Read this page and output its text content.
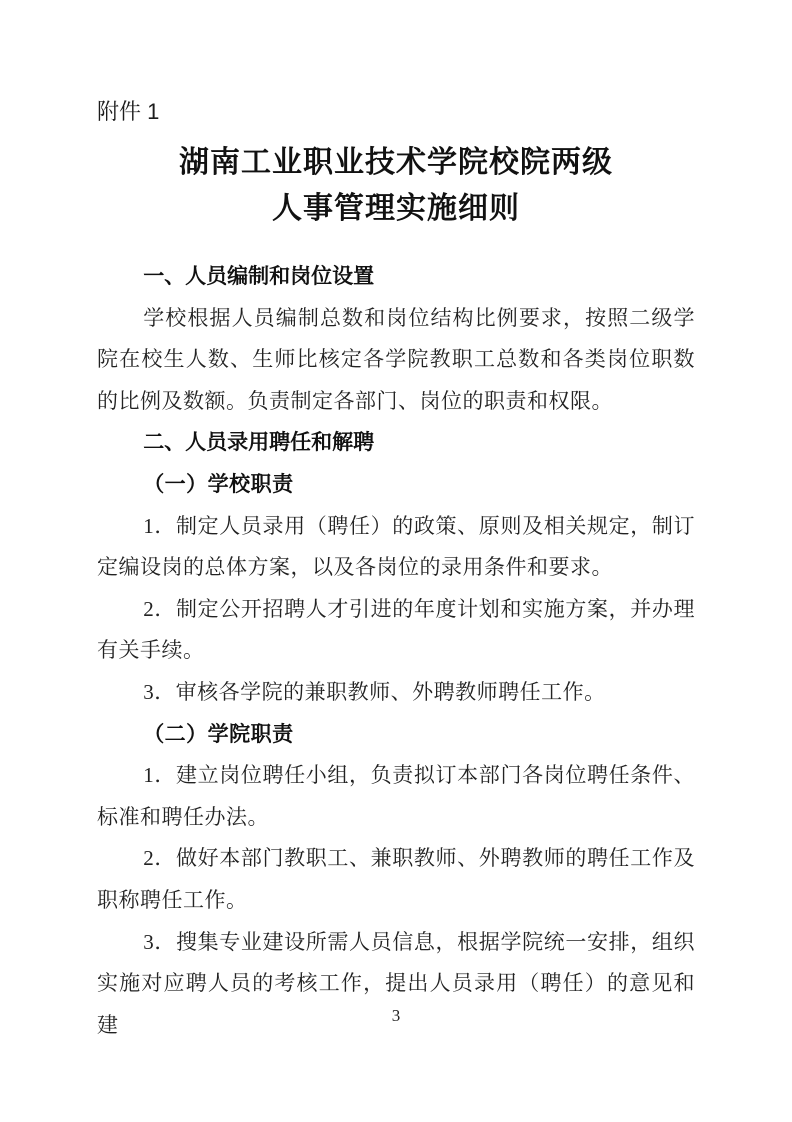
附件 1
湖南工业职业技术学院校院两级
人事管理实施细则

一、人员编制和岗位设置

学校根据人员编制总数和岗位结构比例要求，按照二级学院在校生人数、生师比核定各学院教职工总数和各类岗位职数的比例及数额。负责制定各部门、岗位的职责和权限。

二、人员录用聘任和解聘

（一）学校职责

1．制定人员录用（聘任）的政策、原则及相关规定，制订定编设岗的总体方案，以及各岗位的录用条件和要求。

2．制定公开招聘人才引进的年度计划和实施方案，并办理有关手续。

3．审核各学院的兼职教师、外聘教师聘任工作。

（二）学院职责

1．建立岗位聘任小组，负责拟订本部门各岗位聘任条件、标准和聘任办法。

2．做好本部门教职工、兼职教师、外聘教师的聘任工作及职称聘任工作。

3．搜集专业建设所需人员信息，根据学院统一安排，组织实施对应聘人员的考核工作，提出人员录用（聘任）的意见和建	3
